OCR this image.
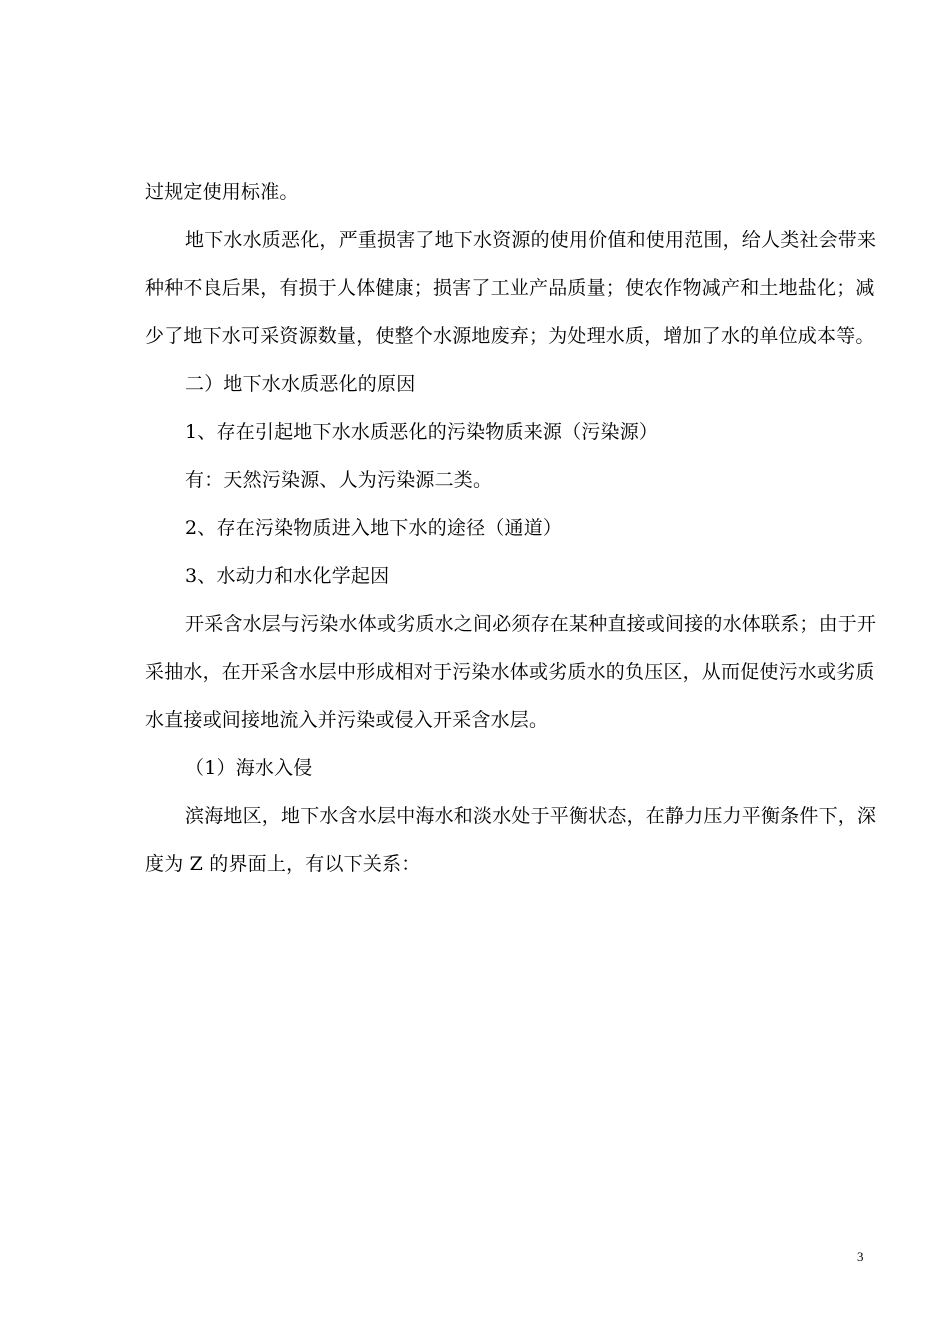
过规定使用标准。
地下水水质恶化，严重损害了地下水资源的使用价值和使用范围，给人类社会带来
种种不良后果，有损于人体健康；损害了工业产品质量；使农作物减产和土地盐化；减
少了地下水可采资源数量，使整个水源地废弃；为处理水质，增加了水的单位成本等。
二）地下水水质恶化的原因
1、存在引起地下水水质恶化的污染物质来源（污染源）
有：天然污染源、人为污染源二类。
2、存在污染物质进入地下水的途径（通道）
3、水动力和水化学起因
开采含水层与污染水体或劣质水之间必须存在某种直接或间接的水体联系；由于开
采抽水，在开采含水层中形成相对于污染水体或劣质水的负压区，从而促使污水或劣质
水直接或间接地流入并污染或侵入开采含水层。
（1）海水入侵
滨海地区，地下水含水层中海水和淡水处于平衡状态，在静力压力平衡条件下，深
度为 Z 的界面上，有以下关系：
3
